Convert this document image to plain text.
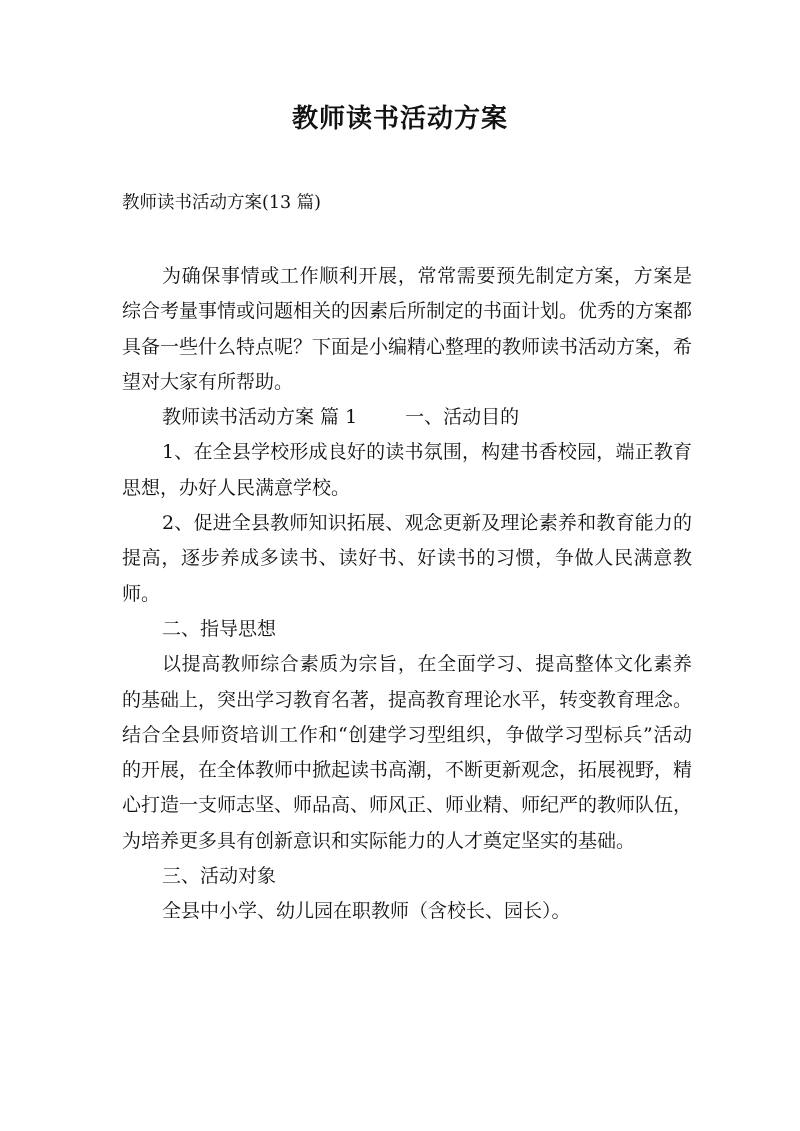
教师读书活动方案
教师读书活动方案(13 篇)

为确保事情或工作顺利开展，常常需要预先制定方案，方案是综合考量事情或问题相关的因素后所制定的书面计划。优秀的方案都具备一些什么特点呢？下面是小编精心整理的教师读书活动方案，希望对大家有所帮助。

教师读书活动方案 篇 1	一、活动目的

1、在全县学校形成良好的读书氛围，构建书香校园，端正教育思想，办好人民满意学校。

2、促进全县教师知识拓展、观念更新及理论素养和教育能力的提高，逐步养成多读书、读好书、好读书的习惯，争做人民满意教师。

二、指导思想

以提高教师综合素质为宗旨，在全面学习、提高整体文化素养的基础上，突出学习教育名著，提高教育理论水平，转变教育理念。结合全县师资培训工作和“创建学习型组织，争做学习型标兵”活动的开展，在全体教师中掀起读书高潮，不断更新观念，拓展视野，精心打造一支师志坚、师品高、师风正、师业精、师纪严的教师队伍，为培养更多具有创新意识和实际能力的人才奠定坚实的基础。

三、活动对象

全县中小学、幼儿园在职教师（含校长、园长）。
